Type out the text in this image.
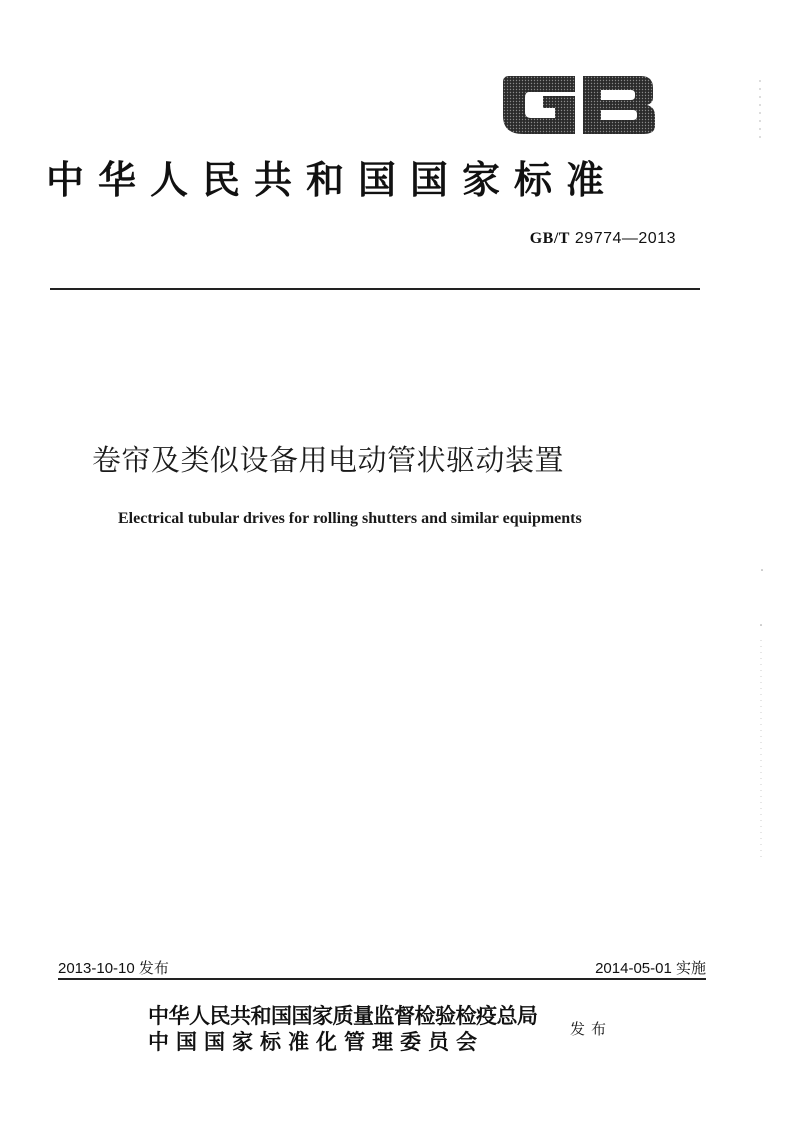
中华人民共和国国家标准
GB/T 29774—2013
卷帘及类似设备用电动管状驱动装置
Electrical tubular drives for rolling shutters and similar equipments
2013-10-10 发布	2014-05-01 实施
中华人民共和国国家质量监督检验检疫总局
中国国家标准化管理委员会	发布
